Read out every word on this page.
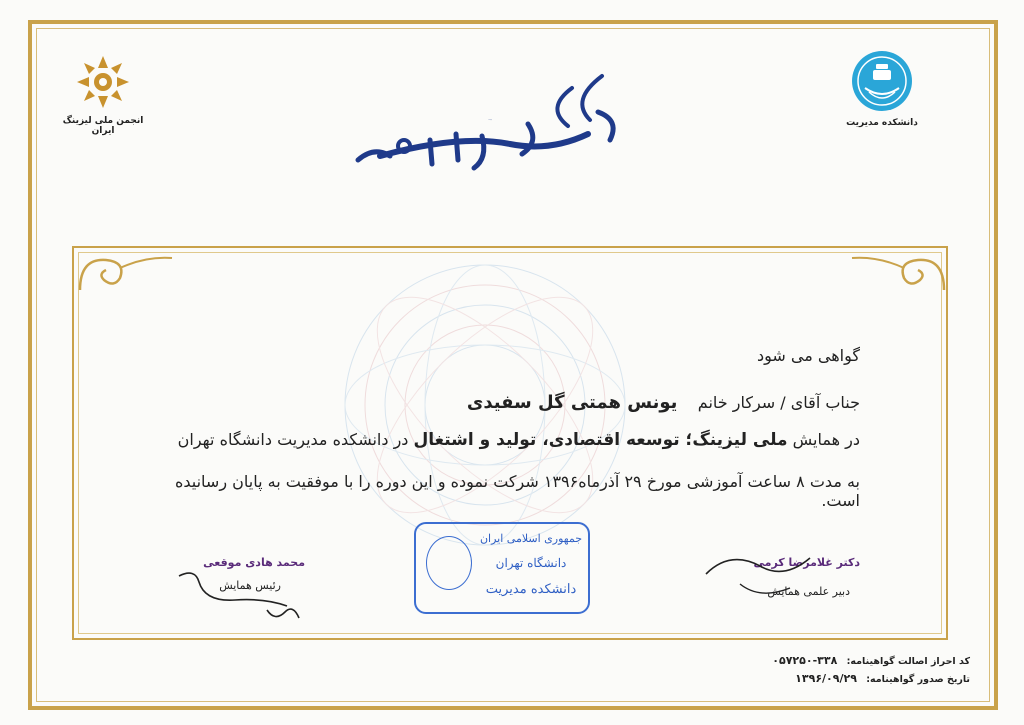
انجمن ملی لیزینگ ایران
دانشکده مدیریت
گواهینامه
گواهی می شود
جناب آقای / سرکار خانم    یونس همتی گل سفیدی
در همایش ملی لیزینگ؛ توسعه اقتصادی، تولید و اشتغال در دانشکده مدیریت دانشگاه تهران
به مدت ۸ ساعت آموزشی مورخ ۲۹ آذرماه۱۳۹۶ شرکت نموده و این دوره را با موفقیت به پایان رسانیده است.
محمد هادی موقعی
رئیس همایش
دکتر غلامرضا کرمی
دبیر علمی همایش
جمهوری اسلامی ایران
دانشگاه تهران
دانشکده مدیریت
کد احراز اصالت گواهینامه: ۳۳۸-۰۵۷۲۵۰
تاریخ صدور گواهینامه: ۱۳۹۶/۰۹/۲۹
